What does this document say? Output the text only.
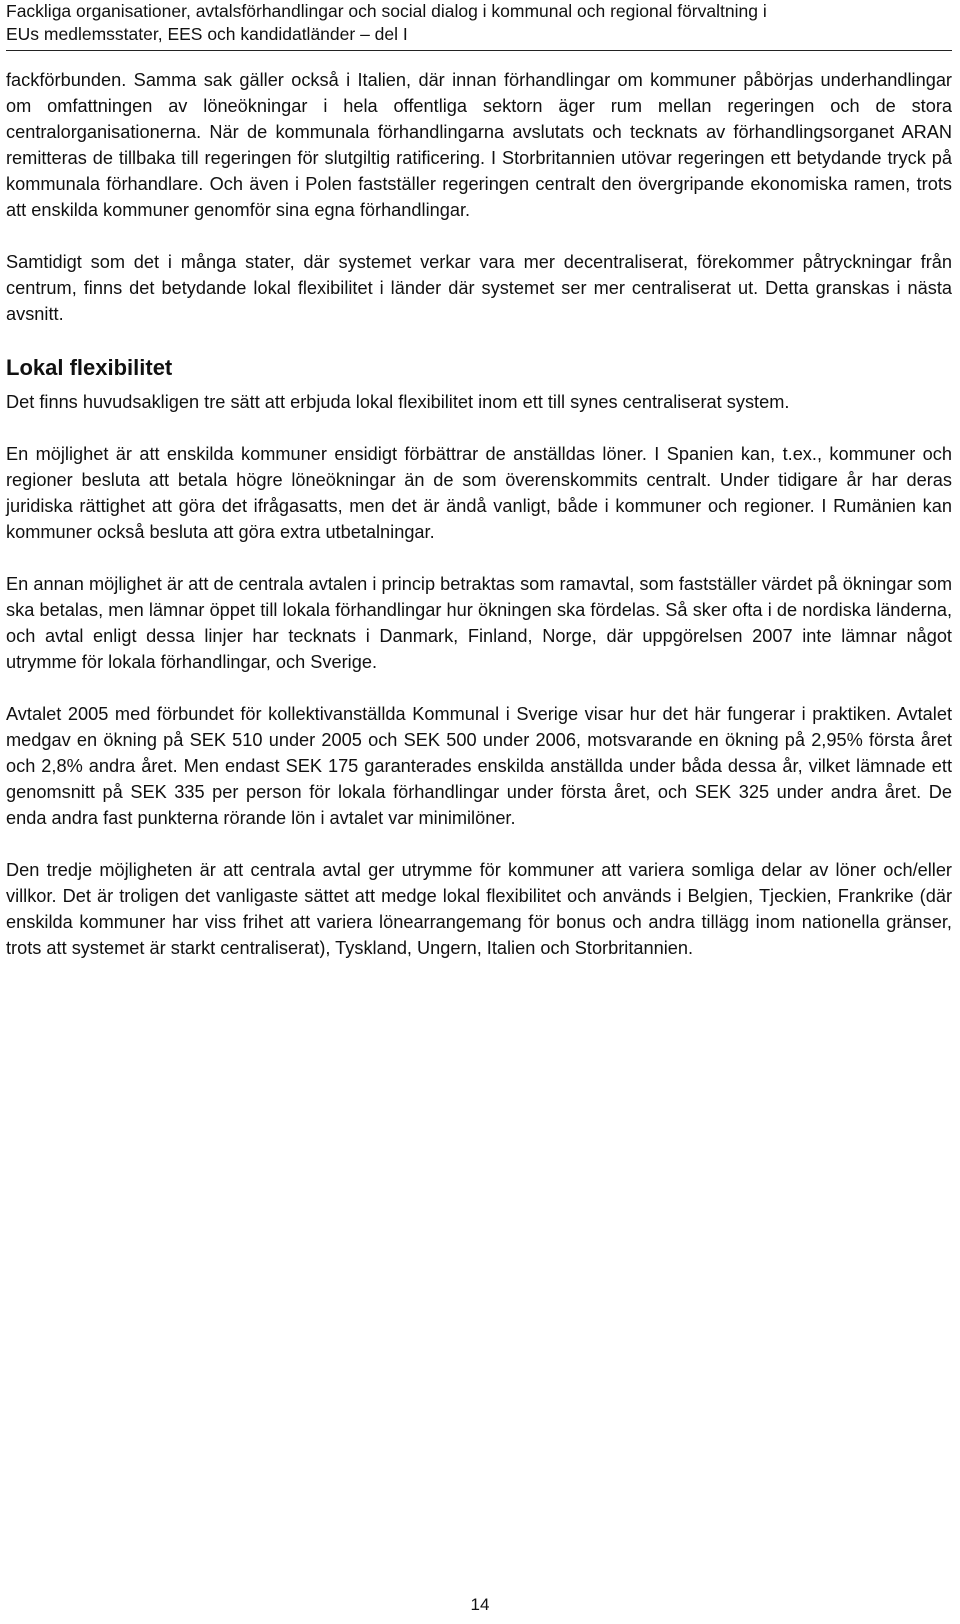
Fackliga organisationer, avtalsförhandlingar och social dialog i kommunal och regional förvaltning i
EUs medlemsstater, EES och kandidatländer – del I

fackförbunden. Samma sak gäller också i Italien, där innan förhandlingar om kommuner påbörjas underhandlingar om omfattningen av löneökningar i hela offentliga sektorn äger rum mellan regeringen och de stora centralorganisationerna. När de kommunala förhandlingarna avslutats och tecknats av förhandlingsorganet ARAN remitteras de tillbaka till regeringen för slutgiltig ratificering. I Storbritannien utövar regeringen ett betydande tryck på kommunala förhandlare. Och även i Polen fastställer regeringen centralt den övergripande ekonomiska ramen, trots att enskilda kommuner genomför sina egna förhandlingar.

Samtidigt som det i många stater, där systemet verkar vara mer decentraliserat, förekommer påtryckningar från centrum, finns det betydande lokal flexibilitet i länder där systemet ser mer centraliserat ut. Detta granskas i nästa avsnitt.

Lokal flexibilitet

Det finns huvudsakligen tre sätt att erbjuda lokal flexibilitet inom ett till synes centraliserat system.

En möjlighet är att enskilda kommuner ensidigt förbättrar de anställdas löner. I Spanien kan, t.ex., kommuner och regioner besluta att betala högre löneökningar än de som överenskommits centralt. Under tidigare år har deras juridiska rättighet att göra det ifrågasatts, men det är ändå vanligt, både i kommuner och regioner. I Rumänien kan kommuner också besluta att göra extra utbetalningar.

En annan möjlighet är att de centrala avtalen i princip betraktas som ramavtal, som fastställer värdet på ökningar som ska betalas, men lämnar öppet till lokala förhandlingar hur ökningen ska fördelas. Så sker ofta i de nordiska länderna, och avtal enligt dessa linjer har tecknats i Danmark, Finland, Norge, där uppgörelsen 2007 inte lämnar något utrymme för lokala förhandlingar, och Sverige.

Avtalet 2005 med förbundet för kollektivanställda Kommunal i Sverige visar hur det här fungerar i praktiken. Avtalet medgav en ökning på SEK 510 under 2005 och SEK 500 under 2006, motsvarande en ökning på 2,95% första året och 2,8% andra året. Men endast SEK 175 garanterades enskilda anställda under båda dessa år, vilket lämnade ett genomsnitt på SEK 335 per person för lokala förhandlingar under första året, och SEK 325 under andra året. De enda andra fast punkterna rörande lön i avtalet var minimilöner.

Den tredje möjligheten är att centrala avtal ger utrymme för kommuner att variera somliga delar av löner och/eller villkor. Det är troligen det vanligaste sättet att medge lokal flexibilitet och används i Belgien, Tjeckien, Frankrike (där enskilda kommuner har viss frihet att variera lönearrangemang för bonus och andra tillägg inom nationella gränser, trots att systemet är starkt centraliserat), Tyskland, Ungern, Italien och Storbritannien.

14
